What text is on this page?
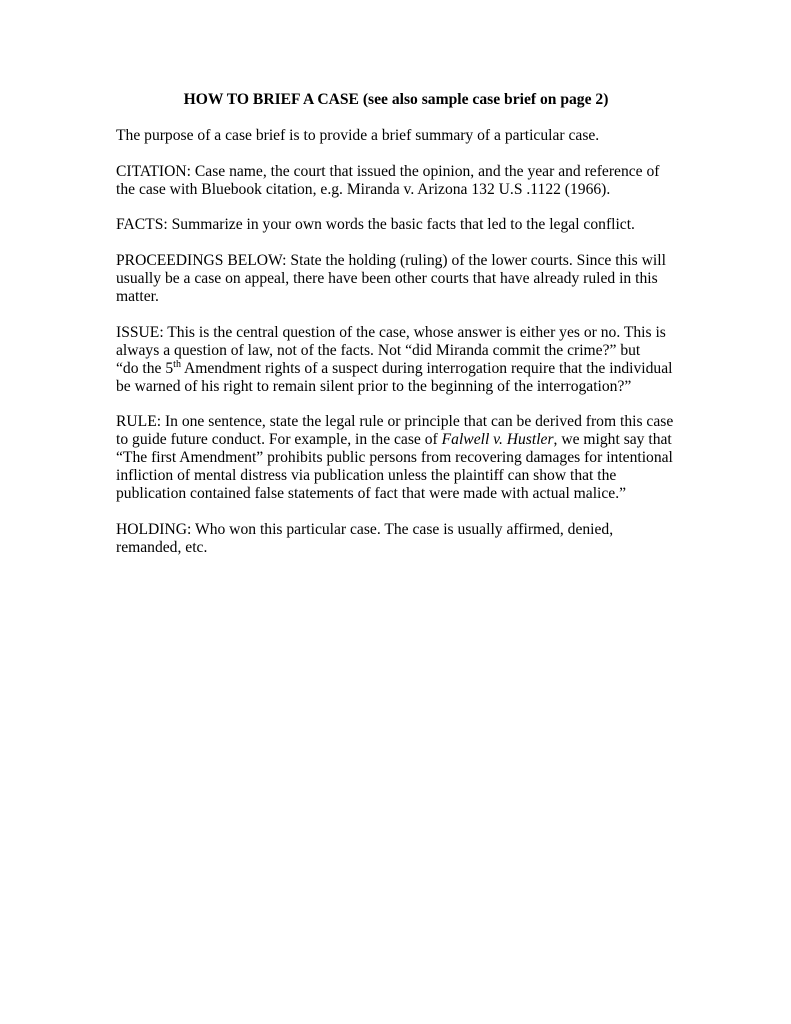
HOW TO BRIEF A CASE (see also sample case brief on page 2)
The purpose of a case brief is to provide a brief summary of a particular case.
CITATION: Case name, the court that issued the opinion, and the year and reference of
the case with Bluebook citation, e.g. Miranda v. Arizona 132 U.S .1122 (1966).
FACTS: Summarize in your own words the basic facts that led to the legal conflict.
PROCEEDINGS BELOW: State the holding (ruling) of the lower courts. Since this will
usually be a case on appeal, there have been other courts that have already ruled in this
matter.
ISSUE: This is the central question of the case, whose answer is either yes or no. This is
always a question of law, not of the facts. Not “did Miranda commit the crime?” but
“do the 5th Amendment rights of a suspect during interrogation require that the individual
be warned of his right to remain silent prior to the beginning of the interrogation?”
RULE: In one sentence, state the legal rule or principle that can be derived from this case
to guide future conduct. For example, in the case of Falwell v. Hustler, we might say that
“The first Amendment” prohibits public persons from recovering damages for intentional
infliction of mental distress via publication unless the plaintiff can show that the
publication contained false statements of fact that were made with actual malice.”
HOLDING: Who won this particular case. The case is usually affirmed, denied,
remanded, etc.
